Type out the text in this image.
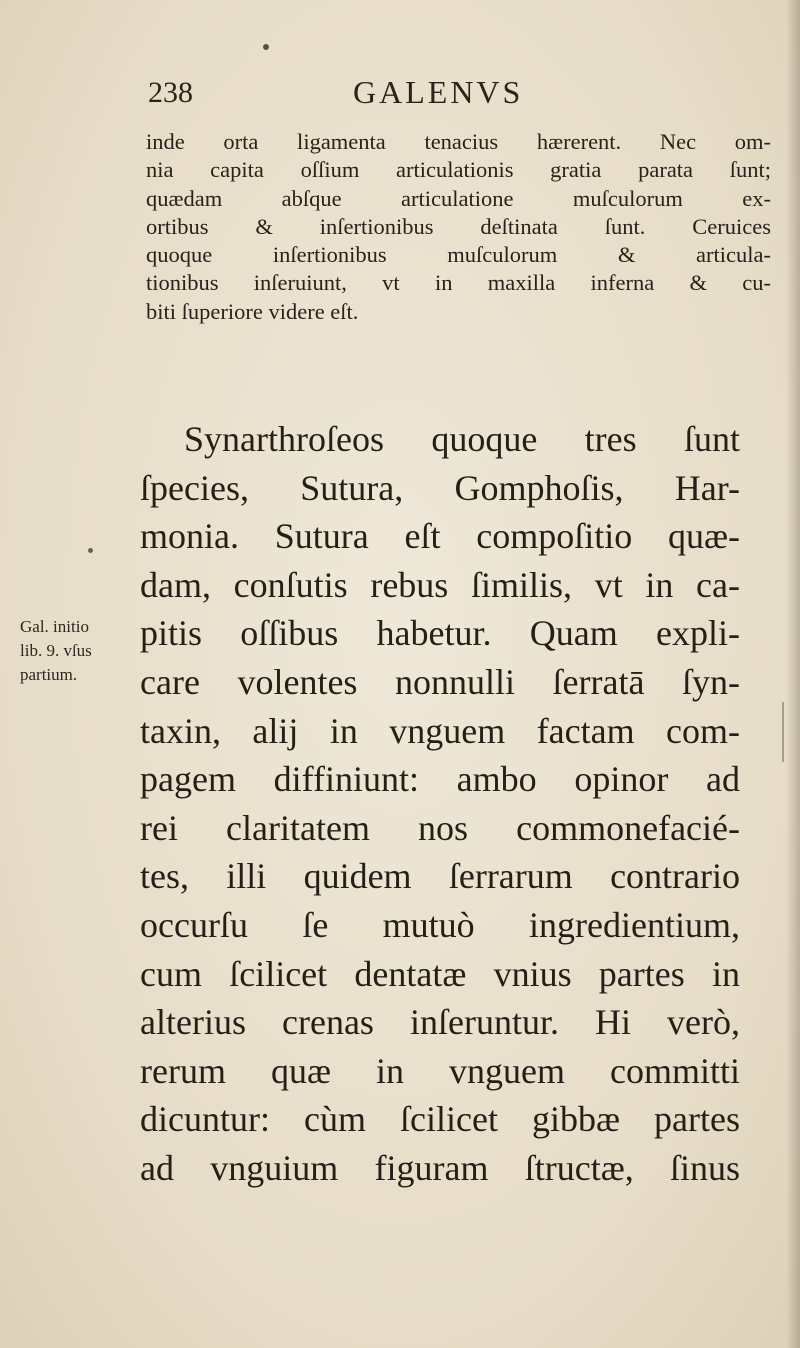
238	GALENVS
inde orta ligamenta tenacius hærerent. Nec om-
nia capita oſſium articulationis gratia parata ſunt;
quædam abſque articulatione muſculorum ex-
ortibus & inſertionibus deſtinata ſunt. Ceruices
quoque inſertionibus muſculorum & articula-
tionibus inſeruiunt, vt in maxilla inferna & cu-
biti ſuperiore videre eſt.
Synarthroſeos quoque tres ſunt
ſpecies, Sutura, Gomphoſis, Har-
monia. Sutura eſt compoſitio quæ-
dam, conſutis rebus ſimilis, vt in ca-
pitis oſſibus habetur. Quam expli-
care volentes nonnulli ſerratā ſyn-
taxin, alij in vnguem factam com-
pagem diffiniunt: ambo opinor ad
rei claritatem nos commonefacié-
tes, illi quidem ſerrarum contrario
occurſu ſe mutuò ingredientium,
cum ſcilicet dentatæ vnius partes in
alterius crenas inſeruntur. Hi verò,
rerum quæ in vnguem committi
dicuntur: cùm ſcilicet gibbæ partes
ad vnguium figuram ſtructæ, ſinus
Gal. initio
lib. 9. vſus
partium.
